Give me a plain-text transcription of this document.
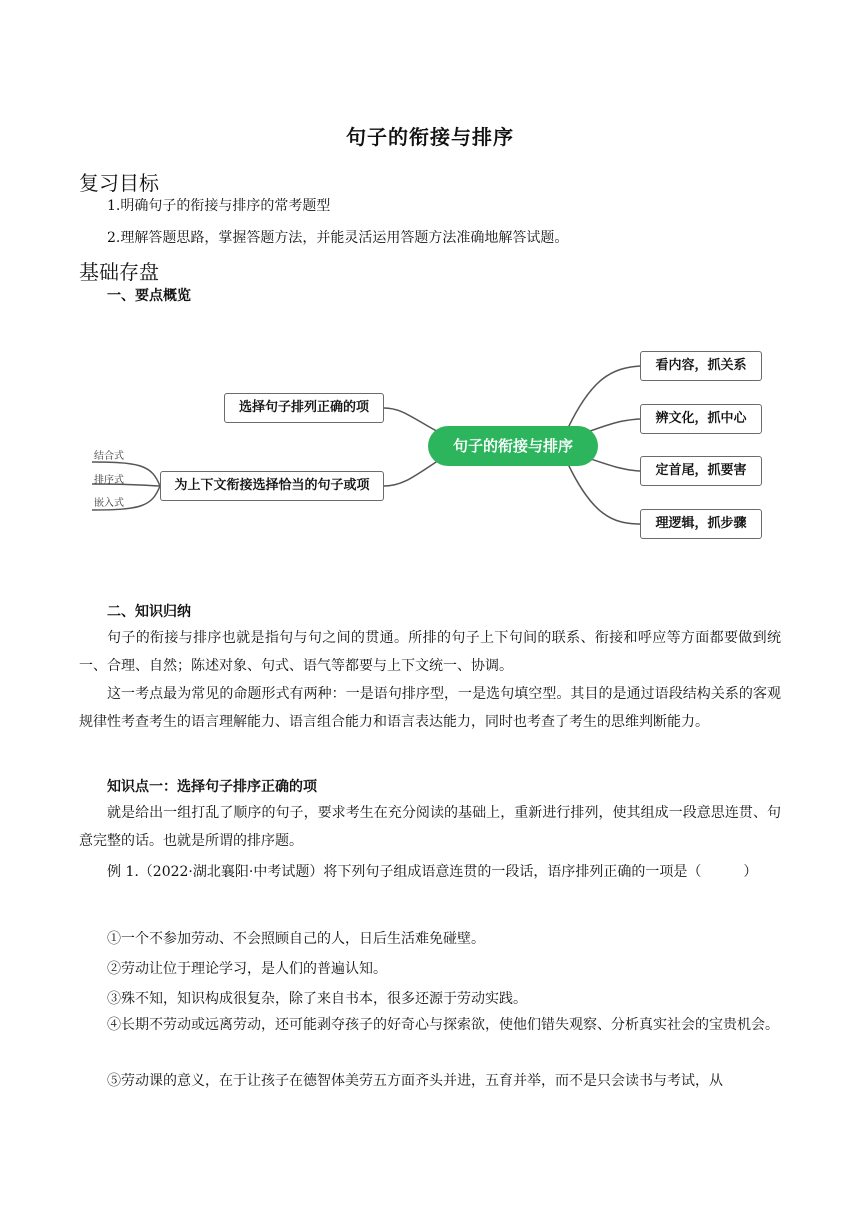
句子的衔接与排序
复习目标
1.明确句子的衔接与排序的常考题型
2.理解答题思路，掌握答题方法，并能灵活运用答题方法准确地解答试题。
基础存盘
一、要点概览
句子的衔接与排序
选择句子排列正确的项
为上下文衔接选择恰当的句子或项
结合式
排序式
嵌入式
看内容，抓关系
辨文化，抓中心
定首尾，抓要害
理逻辑，抓步骤
二、知识归纳
句子的衔接与排序也就是指句与句之间的贯通。所排的句子上下句间的联系、衔接和呼应等方面都要做到统一、合理、自然；陈述对象、句式、语气等都要与上下文统一、协调。
这一考点最为常见的命题形式有两种：一是语句排序型，一是选句填空型。其目的是通过语段结构关系的客观规律性考查考生的语言理解能力、语言组合能力和语言表达能力，同时也考查了考生的思维判断能力。
知识点一：选择句子排序正确的项
就是给出一组打乱了顺序的句子，要求考生在充分阅读的基础上，重新进行排列，使其组成一段意思连贯、句意完整的话。也就是所谓的排序题。
例 1.（2022·湖北襄阳·中考试题）将下列句子组成语意连贯的一段话，语序排列正确的一项是（　　　）
①一个不参加劳动、不会照顾自己的人，日后生活难免碰壁。
②劳动让位于理论学习，是人们的普遍认知。
③殊不知，知识构成很复杂，除了来自书本，很多还源于劳动实践。
④长期不劳动或远离劳动，还可能剥夺孩子的好奇心与探索欲，使他们错失观察、分析真实社会的宝贵机会。
⑤劳动课的意义，在于让孩子在德智体美劳五方面齐头并进，五育并举，而不是只会读书与考试，从
